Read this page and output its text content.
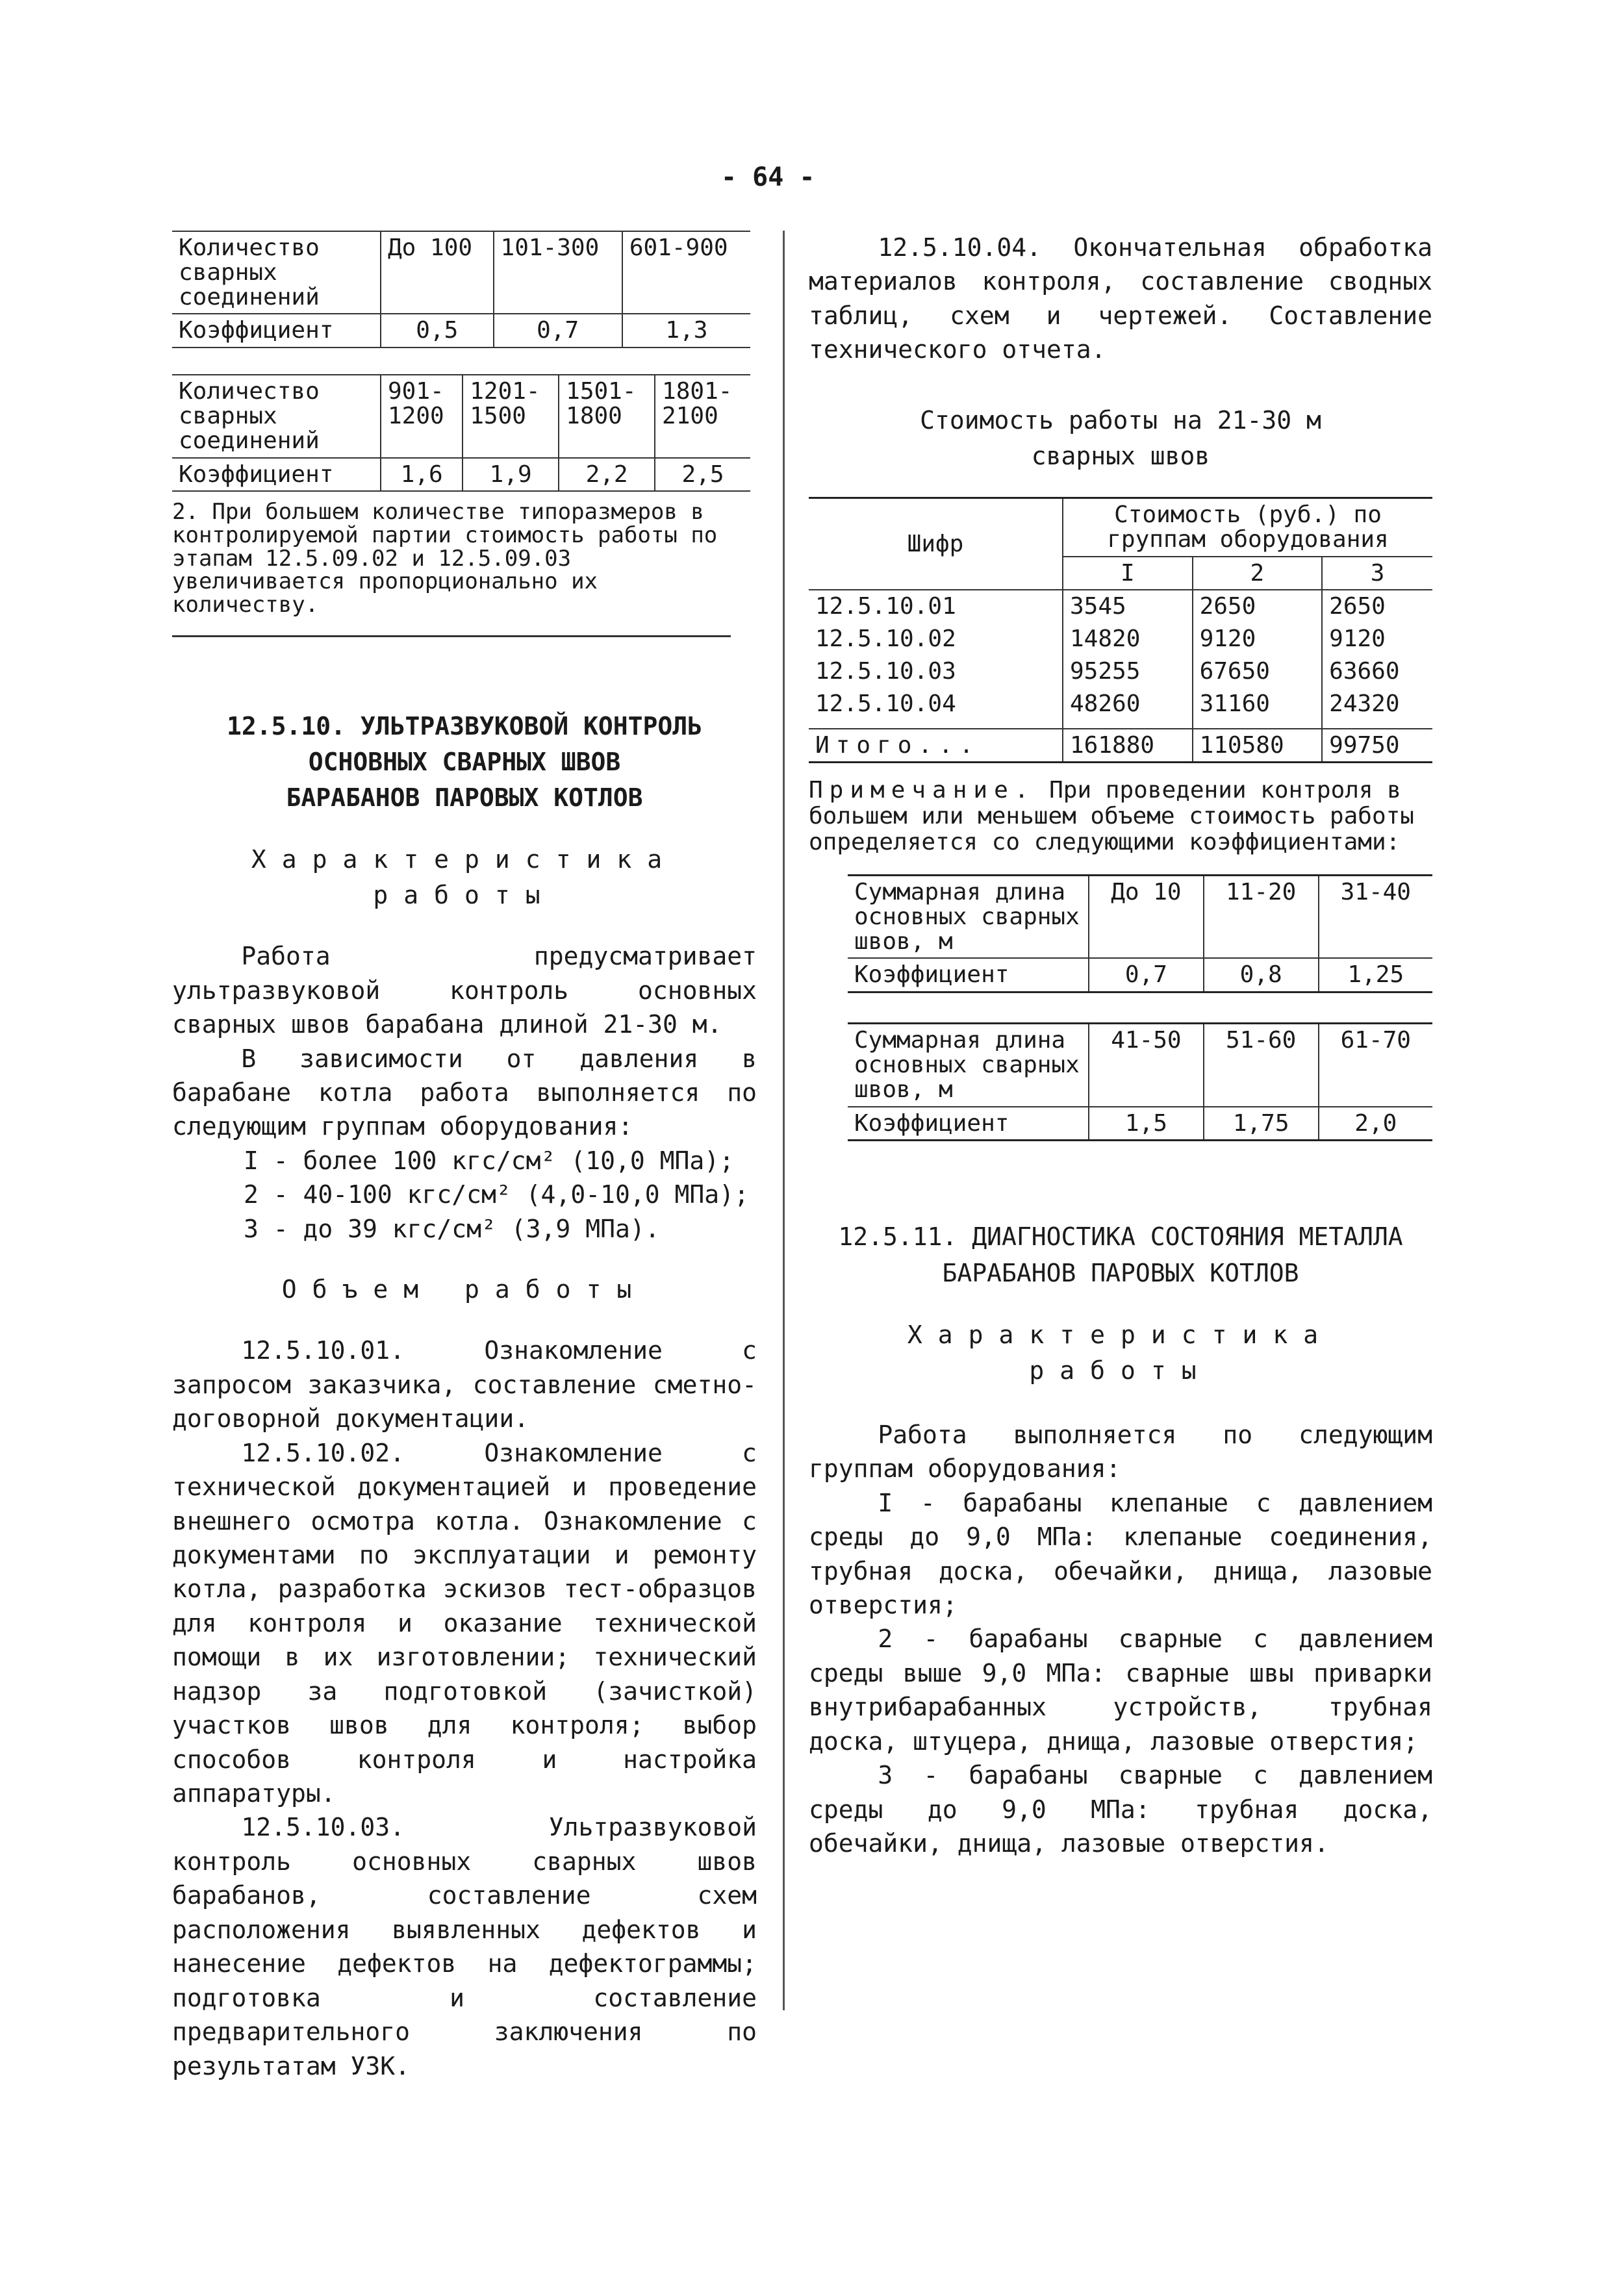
- 64 -
Количество сварных соединений	До 100	101-300	601-900
Коэффициент	0,5	0,7	1,3
Количество сварных соединений	901-1200	1201-1500	1501-1800	1801-2100
Коэффициент	1,6	1,9	2,2	2,5

2. При большем количестве типоразмеров в контролируемой партии стоимость работы по этапам 12.5.09.02 и 12.5.09.03 увеличивается пропорционально их количеству.

12.5.10. УЛЬТРАЗВУКОВОЙ КОНТРОЛЬ

ОСНОВНЫХ СВАРНЫХ ШВОВ

БАРАБАНОВ ПАРОВЫХ КОТЛОВ

Характеристика

работы

Работа предусматривает ультразвуковой контроль основных сварных швов барабана длиной 21-30 м.

В зависимости от давления в барабане котла работа выполняется по следующим группам оборудования:

I - более 100 кгс/см² (10,0 МПа);

2 - 40-100 кгс/см² (4,0-10,0 МПа);

3 - до 39 кгс/см² (3,9 МПа).

Объем работы

12.5.10.01. Ознакомление с запросом заказчика, составление сметно-договорной документации.

12.5.10.02. Ознакомление с технической документацией и проведение внешнего осмотра котла. Ознакомление с документами по эксплуатации и ремонту котла, разработка эскизов тест-образцов для контроля и оказание технической помощи в их изготовлении; технический надзор за подготовкой (зачисткой) участков швов для контроля; выбор способов контроля и настройка аппаратуры.

12.5.10.03. Ультразвуковой контроль основных сварных швов барабанов, составление схем расположения выявленных дефектов и нанесение дефектов на дефектограммы; подготовка и составление предварительного заключения по результатам УЗК.

12.5.10.04. Окончательная обработка материалов контроля, составление сводных таблиц, схем и чертежей. Составление технического отчета.

Стоимость работы на 21-30 м

сварных швов

Шифр	Стоимость (руб.) по группам оборудования		
	I	2	3
12.5.10.01	3545	2650	2650
12.5.10.02	14820	9120	9120
12.5.10.03	95255	67650	63660
12.5.10.04	48260	31160	24320
Итого...	161880	110580	99750

Примечание. При проведении контроля в большем или меньшем объеме стоимость работы определяется со следующими коэффициентами:

Суммарная длина основных сварных швов, м	До 10	11-20	31-40
Коэффициент	0,7	0,8	1,25
Суммарная длина основных сварных швов, м	41-50	51-60	61-70
Коэффициент	1,5	1,75	2,0

12.5.11. ДИАГНОСТИКА СОСТОЯНИЯ МЕТАЛЛА

БАРАБАНОВ ПАРОВЫХ КОТЛОВ

Характеристика

работы

Работа выполняется по следующим группам оборудования:

I - барабаны клепаные с давлением среды до 9,0 МПа: клепаные соединения, трубная доска, обечайки, днища, лазовые отверстия;

2 - барабаны сварные с давлением среды выше 9,0 МПа: сварные швы приварки внутрибарабанных устройств, трубная доска, штуцера, днища, лазовые отверстия;

3 - барабаны сварные с давлением среды до 9,0 МПа: трубная доска, обечайки, днища, лазовые отверстия.
